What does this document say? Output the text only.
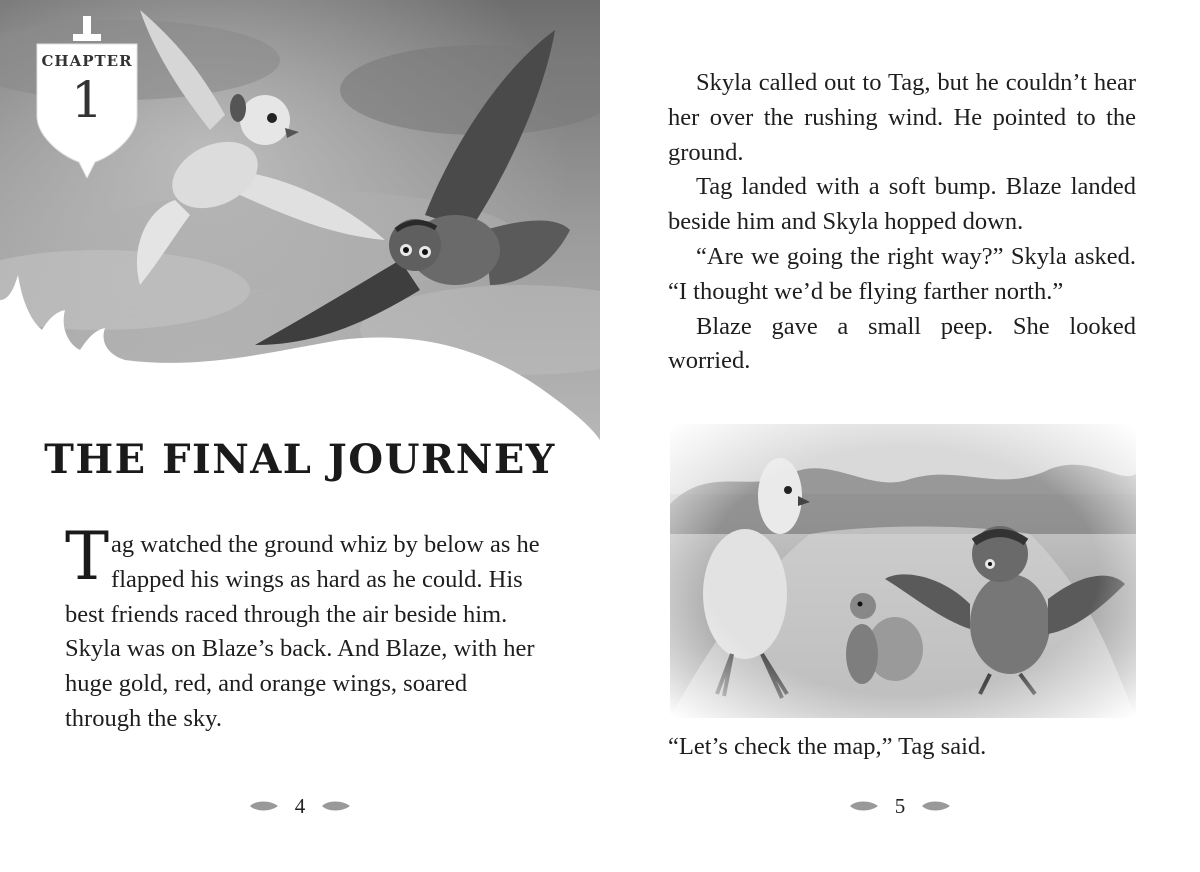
CHAPTER
1
THE FINAL JOURNEY
Tag watched the ground whiz by below as he flapped his wings as hard as he could. His best friends raced through the air beside him. Skyla was on Blaze’s back. And Blaze, with her huge gold, red, and orange wings, soared through the sky.
4

Skyla called out to Tag, but he couldn’t hear her over the rushing wind. He pointed to the ground.

Tag landed with a soft bump. Blaze landed beside him and Skyla hopped down.

“Are we going the right way?” Skyla asked. “I thought we’d be flying farther north.”

Blaze gave a small peep. She looked worried.

“Let’s check the map,” Tag said.

5
